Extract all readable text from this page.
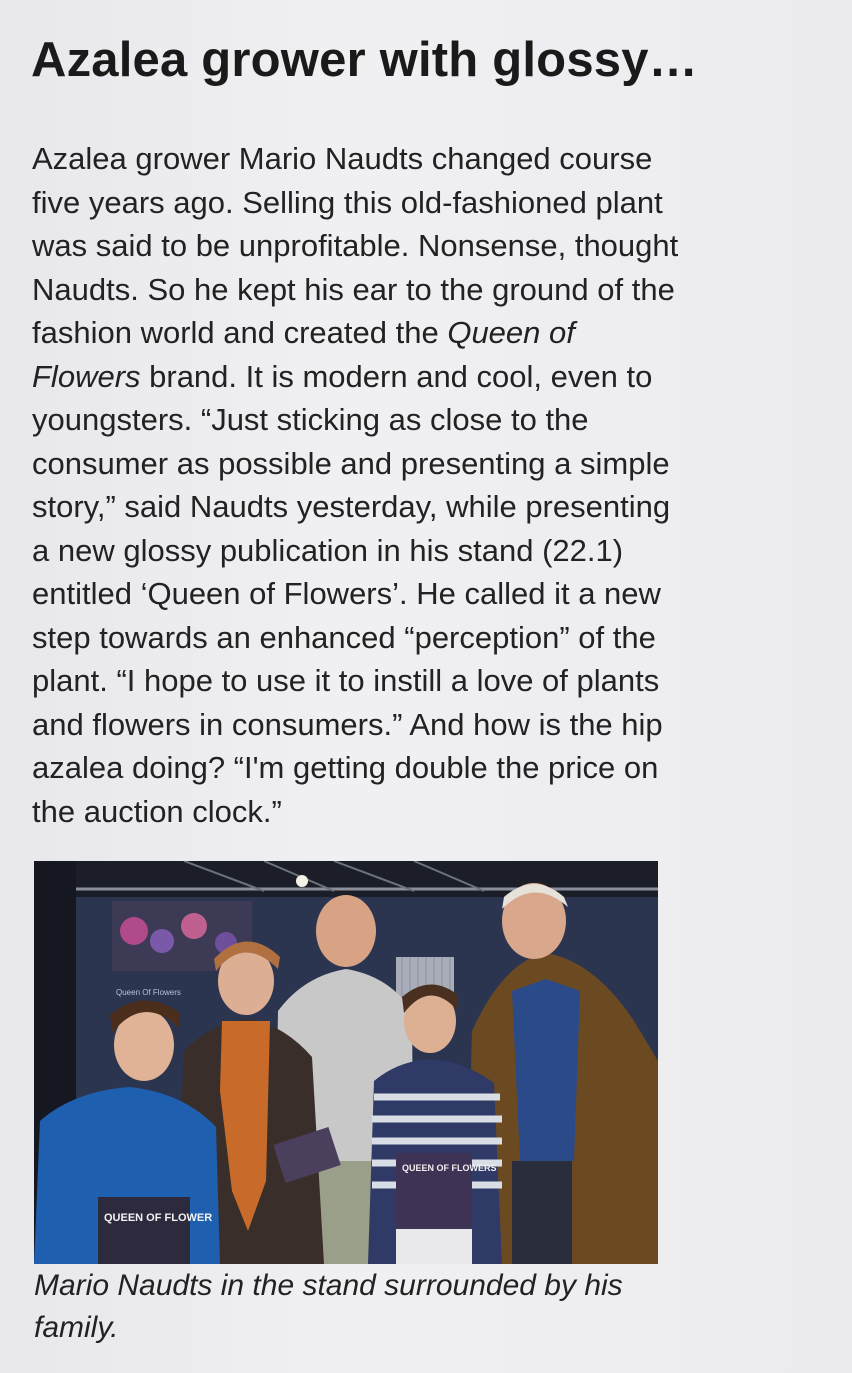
Azalea grower with glossy…
Azalea grower Mario Naudts changed course
five years ago. Selling this old-fashioned plant
was said to be unprofitable. Nonsense, thought
Naudts. So he kept his ear to the ground of the
fashion world and created the Queen of
Flowers brand. It is modern and cool, even to
youngsters. “Just sticking as close to the
consumer as possible and presenting a simple
story,” said Naudts yesterday, while presenting
a new glossy publication in his stand (22.1)
entitled ‘Queen of Flowers’. He called it a new
step towards an enhanced “perception” of the
plant. “I hope to use it to instill a love of plants
and flowers in consumers.” And how is the hip
azalea doing? “I'm getting double the price on
the auction clock.”
Queen Of Flowers
QUEEN OF FLOWERS
QUEEN OF FLOWER
Mario Naudts in the stand surrounded by his
family.
